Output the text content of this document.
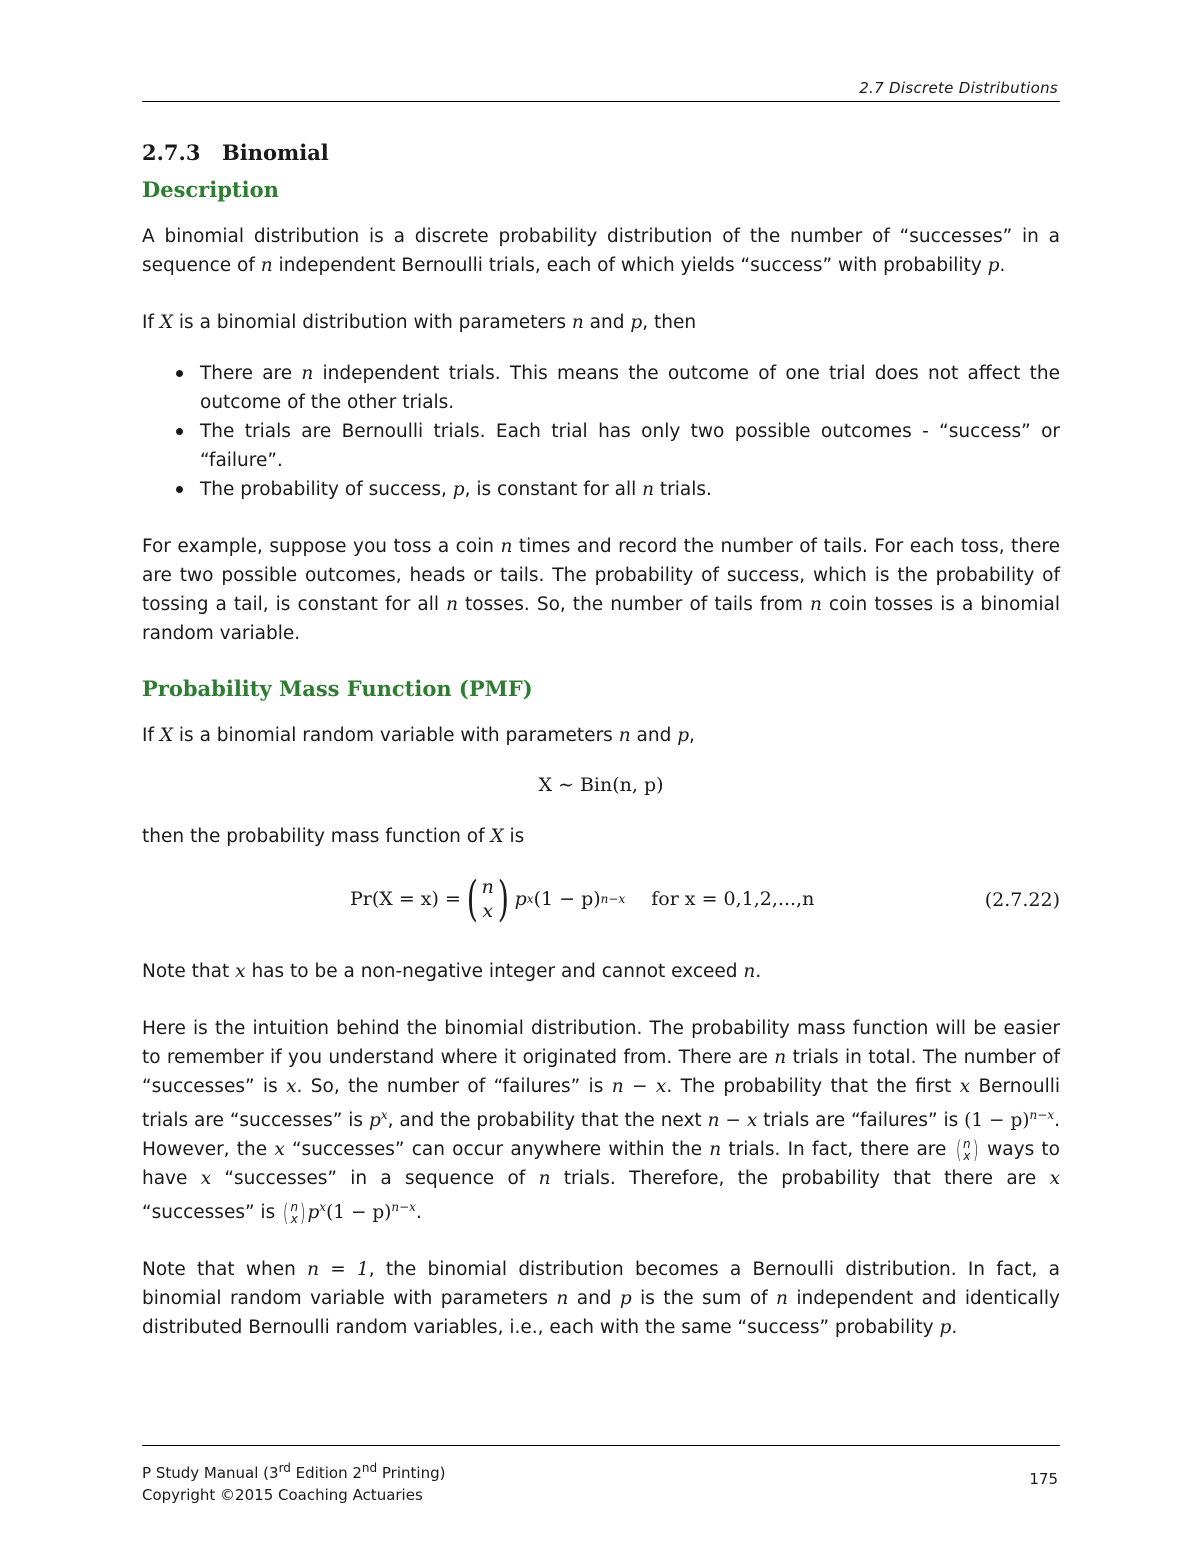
2.7 Discrete Distributions
2.7.3 Binomial
Description

A binomial distribution is a discrete probability distribution of the number of “successes” in a sequence of n independent Bernoulli trials, each of which yields “success” with probability p.

If X is a binomial distribution with parameters n and p, then

There are n independent trials. This means the outcome of one trial does not affect the outcome of the other trials.
The trials are Bernoulli trials. Each trial has only two possible outcomes - “success” or “failure”.
The probability of success, p, is constant for all n trials.

For example, suppose you toss a coin n times and record the number of tails. For each toss, there are two possible outcomes, heads or tails. The probability of success, which is the probability of tossing a tail, is constant for all n tosses. So, the number of tails from n coin tosses is a binomial random variable.

Probability Mass Function (PMF)

If X is a binomial random variable with parameters n and p,

X ∼ Bin(n, p)

then the probability mass function of X is

Pr(X = x) = ( n
x ) p x (1 − p) n−x for x = 0,1,2,...,n	(2.7.22)

Note that x has to be a non-negative integer and cannot exceed n.

Here is the intuition behind the binomial distribution. The probability mass function will be easier to remember if you understand where it originated from. There are n trials in total. The number of “successes” is x. So, the number of “failures” is n − x. The probability that the first x Bernoulli trials are “successes” is $p^x$, and the probability that the next n − x trials are “failures” is $(1 - p)^{n-x}$. However, the x “successes” can occur anywhere within the n trials. In fact, there are ( n
x ) ways to have x “successes” in a sequence of n trials. Therefore, the probability that there are x “successes” is ( n
x ) $p^x(1 - p)^{n-x}$.

Note that when n = 1, the binomial distribution becomes a Bernoulli distribution. In fact, a binomial random variable with parameters n and p is the sum of n independent and identically distributed Bernoulli random variables, i.e., each with the same “success” probability p.

P Study Manual (3rd Edition 2nd Printing)
Copyright ©2015 Coaching Actuaries
175
